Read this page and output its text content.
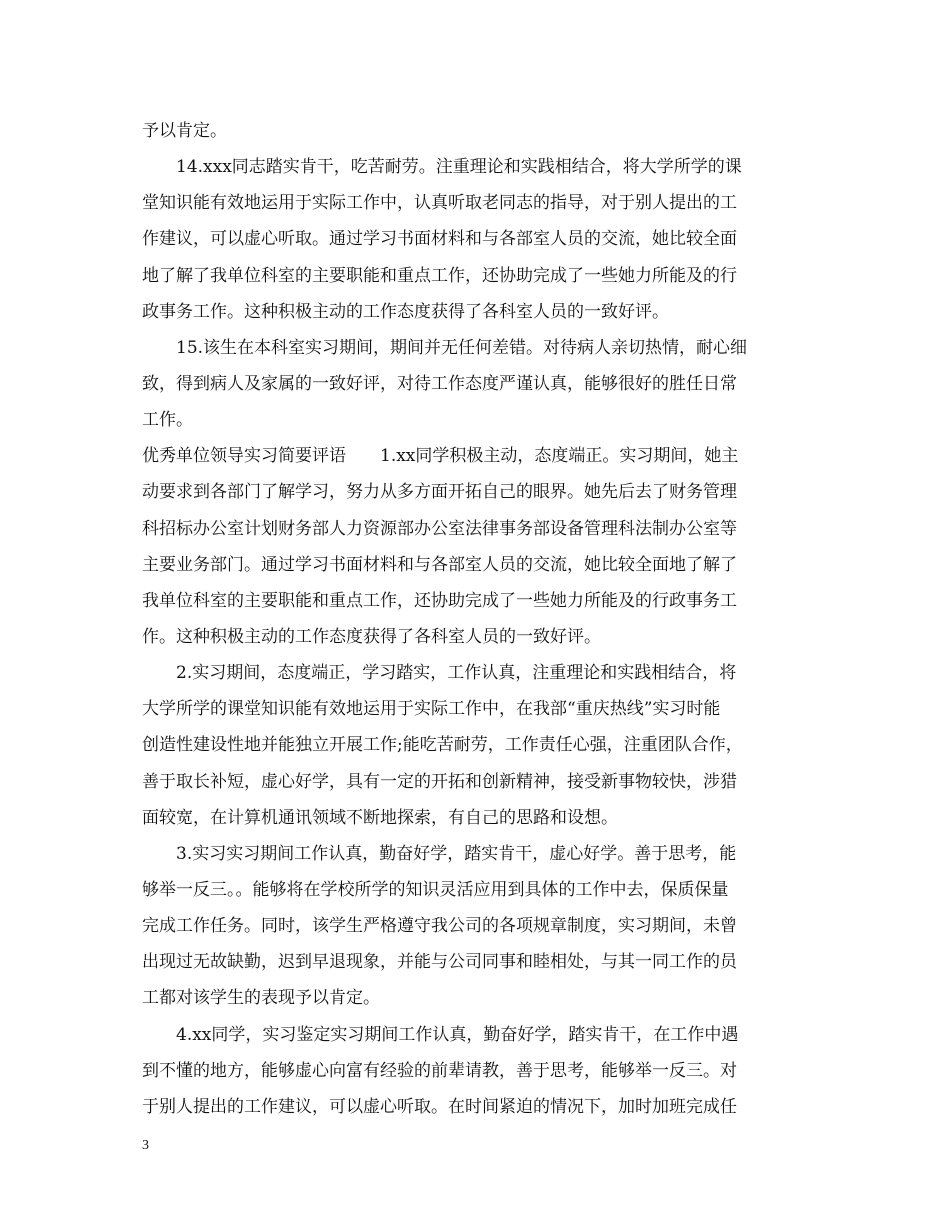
予以肯定。
14.xxx同志踏实肯干，吃苦耐劳。注重理论和实践相结合，将大学所学的课
堂知识能有效地运用于实际工作中，认真听取老同志的指导，对于别人提出的工
作建议，可以虚心听取。通过学习书面材料和与各部室人员的交流，她比较全面
地了解了我单位科室的主要职能和重点工作，还协助完成了一些她力所能及的行
政事务工作。这种积极主动的工作态度获得了各科室人员的一致好评。
15.该生在本科室实习期间，期间并无任何差错。对待病人亲切热情，耐心细
致，得到病人及家属的一致好评，对待工作态度严谨认真，能够很好的胜任日常
工作。
优秀单位领导实习简要评语　　1.xx同学积极主动，态度端正。实习期间，她主
动要求到各部门了解学习，努力从多方面开拓自己的眼界。她先后去了财务管理
科招标办公室计划财务部人力资源部办公室法律事务部设备管理科法制办公室等
主要业务部门。通过学习书面材料和与各部室人员的交流，她比较全面地了解了
我单位科室的主要职能和重点工作，还协助完成了一些她力所能及的行政事务工
作。这种积极主动的工作态度获得了各科室人员的一致好评。
2.实习期间，态度端正，学习踏实，工作认真，注重理论和实践相结合，将
大学所学的课堂知识能有效地运用于实际工作中，在我部“重庆热线”实习时能
创造性建设性地并能独立开展工作;能吃苦耐劳，工作责任心强，注重团队合作，
善于取长补短，虚心好学，具有一定的开拓和创新精神，接受新事物较快，涉猎
面较宽，在计算机通讯领域不断地探索，有自己的思路和设想。
3.实习实习期间工作认真，勤奋好学，踏实肯干，虚心好学。善于思考，能
够举一反三。。能够将在学校所学的知识灵活应用到具体的工作中去，保质保量
完成工作任务。同时，该学生严格遵守我公司的各项规章制度，实习期间，未曾
出现过无故缺勤，迟到早退现象，并能与公司同事和睦相处，与其一同工作的员
工都对该学生的表现予以肯定。
4.xx同学，实习鉴定实习期间工作认真，勤奋好学，踏实肯干，在工作中遇
到不懂的地方，能够虚心向富有经验的前辈请教，善于思考，能够举一反三。对
于别人提出的工作建议，可以虚心听取。在时间紧迫的情况下，加时加班完成任
3
